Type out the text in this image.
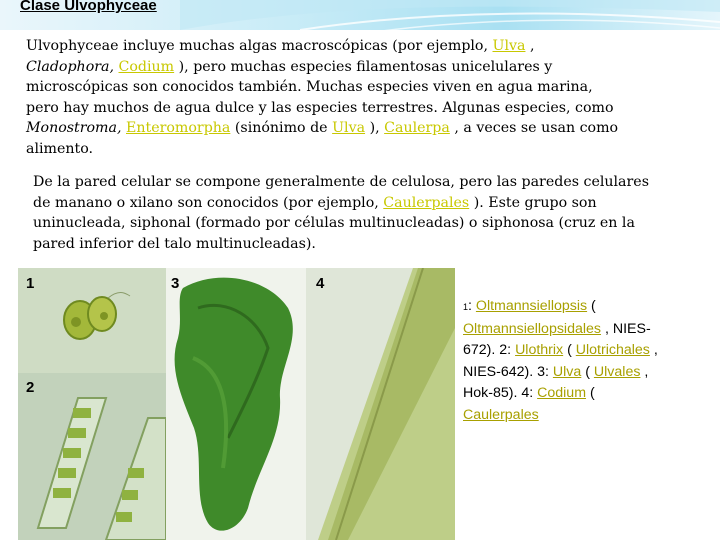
Clase Ulvophyceae

Ulvophyceae incluye muchas algas macroscópicas (por ejemplo, Ulva , Cladophora, Codium ), pero muchas especies filamentosas unicelulares y microscópicas son conocidos también. Muchas especies viven en agua marina, pero hay muchos de agua dulce y las especies terrestres. Algunas especies, como Monostroma, Enteromorpha (sinónimo de Ulva ), Caulerpa , a veces se usan como alimento.

De la pared celular se compone generalmente de celulosa, pero las paredes celulares de manano o xilano son conocidos (por ejemplo, Caulerpales ). Este grupo son uninucleada, siphonal (formado por células multinucleadas) o siphonosa (cruz en la pared inferior del talo multinucleadas).

1
2
3	4

1: Oltmannsiellopsis ( Oltmannsiellopsidales , NIES-672). 2: Ulothrix ( Ulotrichales , NIES-642). 3: Ulva ( Ulvales , Hok-85). 4: Codium ( Caulerpales
